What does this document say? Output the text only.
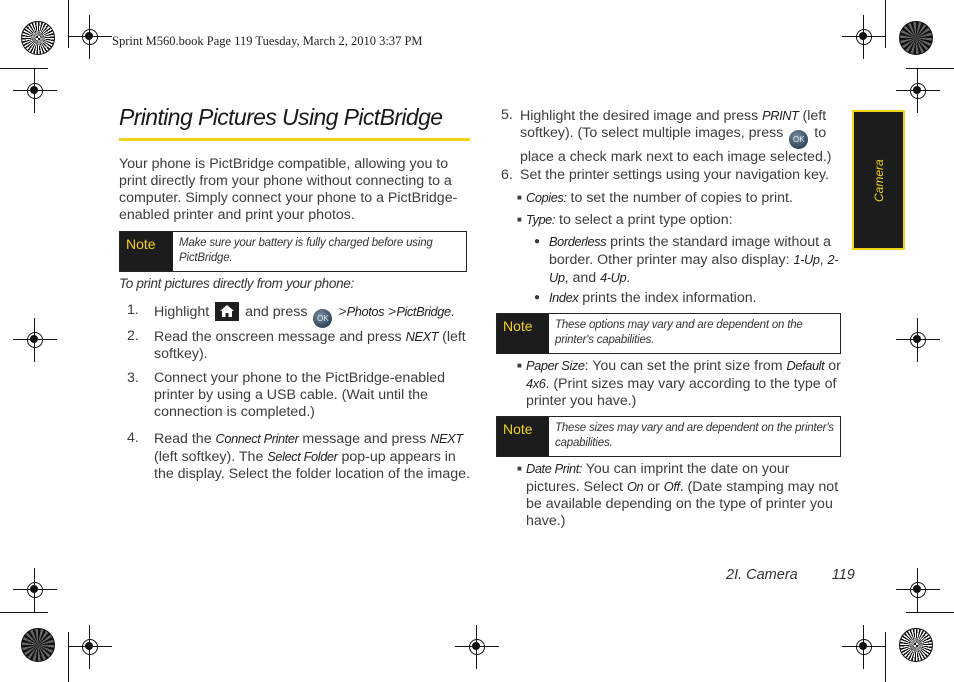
Sprint M560.book Page 119 Tuesday, March 2, 2010 3:37 PM
Printing Pictures Using PictBridge

Your phone is PictBridge compatible, allowing you to print directly from your phone without connecting to a computer. Simply connect your phone to a PictBridge-enabled printer and print your photos.

Note	Make sure your battery is fully charged before using PictBridge.
To print pictures directly from your phone:
1.	Highlight	and press OK >Photos >PictBridge.
2.	Read the onscreen message and press NEXT (left softkey).
3.	Connect your phone to the PictBridge-enabled printer by using a USB cable. (Wait until the connection is completed.)
4.	Read the Connect Printer message and press NEXT (left softkey). The Select Folder pop-up appears in the display. Select the folder location of the image.
5. Highlight the desired image and press PRINT (left softkey). (To select multiple images, press OK to place a check mark next to each image selected.)
6. Set the printer settings using your navigation key.
■ Copies: to set the number of copies to print.
■ Type: to select a print type option:
● Borderless prints the standard image without a border. Other printer may also display: 1-Up, 2-Up, and 4-Up.
● Index prints the index information.
Note	These options may vary and are dependent on the printer's capabilities.
■ Paper Size: You can set the print size from Default or 4x6. (Print sizes may vary according to the type of printer you have.)
Note	These sizes may vary and are dependent on the printer's capabilities.
■ Date Print: You can imprint the date on your pictures. Select On or Off. (Date stamping may not be available depending on the type of printer you have.)
Camera
2I. Camera 119
